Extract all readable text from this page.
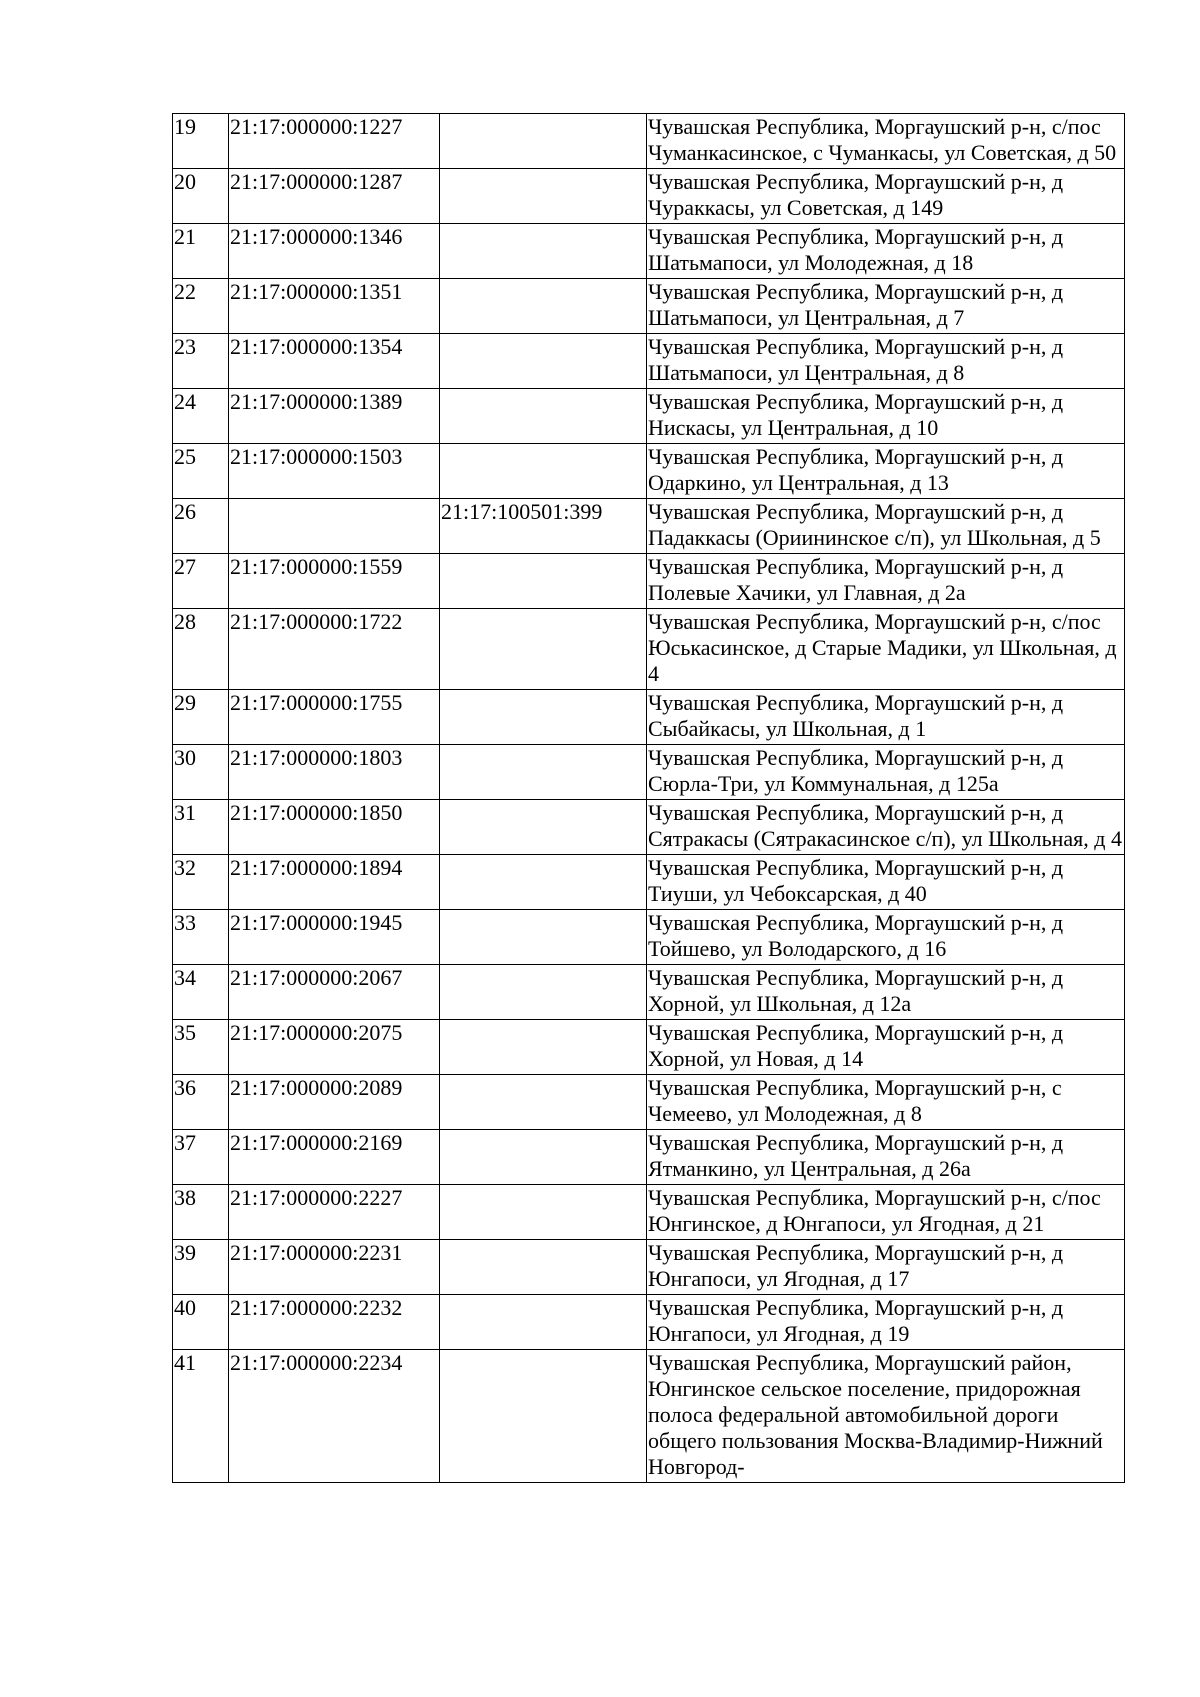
19	21:17:000000:1227		Чувашская Республика, Моргаушский р-н, с/пос Чуманкасинское, с Чуманкасы, ул Советская, д 50
20	21:17:000000:1287		Чувашская Республика, Моргаушский р-н, д Чураккасы, ул Советская, д 149
21	21:17:000000:1346		Чувашская Республика, Моргаушский р-н, д Шатьмапоси, ул Молодежная, д 18
22	21:17:000000:1351		Чувашская Республика, Моргаушский р-н, д Шатьмапоси, ул Центральная, д 7
23	21:17:000000:1354		Чувашская Республика, Моргаушский р-н, д Шатьмапоси, ул Центральная, д 8
24	21:17:000000:1389		Чувашская Республика, Моргаушский р-н, д Нискасы, ул Центральная, д 10
25	21:17:000000:1503		Чувашская Республика, Моргаушский р-н, д Одаркино, ул Центральная, д 13
26		21:17:100501:399	Чувашская Республика, Моргаушский р-н, д Падаккасы (Ориининское с/п), ул Школьная, д 5
27	21:17:000000:1559		Чувашская Республика, Моргаушский р-н, д Полевые Хачики, ул Главная, д 2а
28	21:17:000000:1722		Чувашская Республика, Моргаушский р-н, с/пос Юськасинское, д Старые Мадики, ул Школьная, д 4
29	21:17:000000:1755		Чувашская Республика, Моргаушский р-н, д Сыбайкасы, ул Школьная, д 1
30	21:17:000000:1803		Чувашская Республика, Моргаушский р-н, д Сюрла-Три, ул Коммунальная, д 125а
31	21:17:000000:1850		Чувашская Республика, Моргаушский р-н, д Сятракасы (Сятракасинское с/п), ул Школьная, д 4
32	21:17:000000:1894		Чувашская Республика, Моргаушский р-н, д Тиуши, ул Чебоксарская, д 40
33	21:17:000000:1945		Чувашская Республика, Моргаушский р-н, д Тойшево, ул Володарского, д 16
34	21:17:000000:2067		Чувашская Республика, Моргаушский р-н, д Хорной, ул Школьная, д 12а
35	21:17:000000:2075		Чувашская Республика, Моргаушский р-н, д Хорной, ул Новая, д 14
36	21:17:000000:2089		Чувашская Республика, Моргаушский р-н, с Чемеево, ул Молодежная, д 8
37	21:17:000000:2169		Чувашская Республика, Моргаушский р-н, д Ятманкино, ул Центральная, д 26а
38	21:17:000000:2227		Чувашская Республика, Моргаушский р-н, с/пос Юнгинское, д Юнгапоси, ул Ягодная, д 21
39	21:17:000000:2231		Чувашская Республика, Моргаушский р-н, д Юнгапоси, ул Ягодная, д 17
40	21:17:000000:2232		Чувашская Республика, Моргаушский р-н, д Юнгапоси, ул Ягодная, д 19
41	21:17:000000:2234		Чувашская Республика, Моргаушский район, Юнгинское сельское поселение, придорожная полоса федеральной автомобильной дороги общего пользования Москва-Владимир-Нижний Новгород-
